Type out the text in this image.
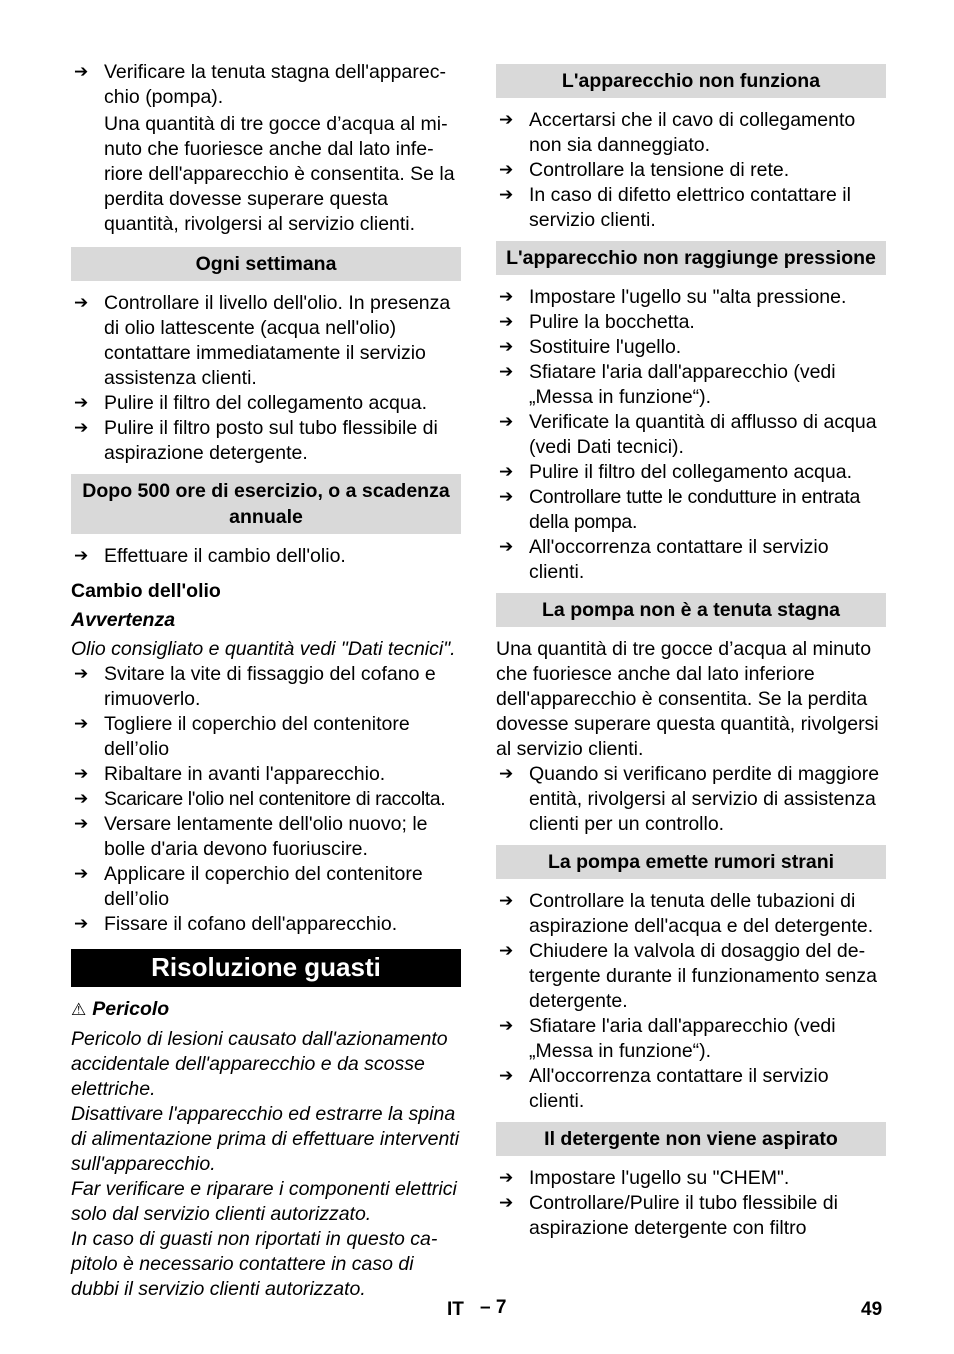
➔ Verificare la tenuta stagna dell'apparecchio (pompa).

Una quantità di tre gocce d’acqua al minuto che fuoriesce anche dal lato inferiore dell'apparecchio è consentita. Se la perdita dovesse superare questa quantità, rivolgersi al servizio clienti.

Ogni settimana

➔ Controllare il livello dell'olio. In presenza di olio lattescente (acqua nell'olio) contattare immediatamente il servizio assistenza clienti.

➔ Pulire il filtro del collegamento acqua.

➔ Pulire il filtro posto sul tubo flessibile di aspirazione detergente.

Dopo 500 ore di esercizio, o a scadenza annuale

➔ Effettuare il cambio dell'olio.

Cambio dell'olio

Avvertenza

Olio consigliato e quantità vedi "Dati tecnici".

➔ Svitare la vite di fissaggio del cofano e rimuoverlo.

➔ Togliere il coperchio del contenitore dell’olio

➔ Ribaltare in avanti l'apparecchio.

➔ Scaricare l'olio nel contenitore di raccolta.

➔ Versare lentamente dell'olio nuovo; le bolle d'aria devono fuoriuscire.

➔ Applicare il coperchio del contenitore dell’olio

➔ Fissare il cofano dell'apparecchio.

Risoluzione guasti

⚠ Pericolo

Pericolo di lesioni causato dall'azionamento accidentale dell'apparecchio e da scosse elettriche.

Disattivare l'apparecchio ed estrarre la spina di alimentazione prima di effettuare interventi sull'apparecchio.

Far verificare e riparare i componenti elettrici solo dal servizio clienti autorizzato.

In caso di guasti non riportati in questo capitolo è necessario contattere in caso di dubbi il servizio clienti autorizzato.

L'apparecchio non funziona

➔ Accertarsi che il cavo di collegamento non sia danneggiato.

➔ Controllare la tensione di rete.

➔ In caso di difetto elettrico contattare il servizio clienti.

L'apparecchio non raggiunge pressione

➔ Impostare l'ugello su "alta pressione.

➔ Pulire la bocchetta.

➔ Sostituire l'ugello.

➔ Sfiatare l'aria dall'apparecchio (vedi „Messa in funzione“).

➔ Verificate la quantità di afflusso di acqua (vedi Dati tecnici).

➔ Pulire il filtro del collegamento acqua.

➔ Controllare tutte le condutture in entrata della pompa.

➔ All'occorrenza contattare il servizio clienti.

La pompa non è a tenuta stagna

Una quantità di tre gocce d’acqua al minuto che fuoriesce anche dal lato inferiore dell'apparecchio è consentita. Se la perdita dovesse superare questa quantità, rivolgersi al servizio clienti.

➔ Quando si verificano perdite di maggiore entità, rivolgersi al servizio di assistenza clienti per un controllo.

La pompa emette rumori strani

➔ Controllare la tenuta delle tubazioni di aspirazione dell'acqua e del detergente.

➔ Chiudere la valvola di dosaggio del detergente durante il funzionamento senza detergente.

➔ Sfiatare l'aria dall'apparecchio (vedi „Messa in funzione“).

➔ All'occorrenza contattare il servizio clienti.

Il detergente non viene aspirato

➔ Impostare l'ugello su "CHEM".

➔ Controllare/Pulire il tubo flessibile di aspirazione detergente con filtro

IT – 7	49
